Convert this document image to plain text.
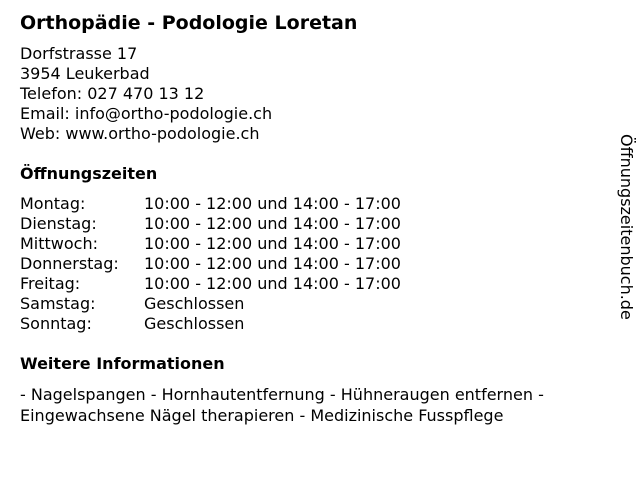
Orthopädie - Podologie Loretan
Dorfstrasse 17
3954 Leukerbad
Telefon: 027 470 13 12
Email: info@ortho-podologie.ch
Web: www.ortho-podologie.ch
Öffnungszeiten
Montag:	10:00 - 12:00 und 14:00 - 17:00
Dienstag:	10:00 - 12:00 und 14:00 - 17:00
Mittwoch:	10:00 - 12:00 und 14:00 - 17:00
Donnerstag:	10:00 - 12:00 und 14:00 - 17:00
Freitag:	10:00 - 12:00 und 14:00 - 17:00
Samstag:	Geschlossen
Sonntag:	Geschlossen
Weitere Informationen
- Nagelspangen - Hornhautentfernung - Hühneraugen entfernen - Eingewachsene Nägel therapieren - Medizinische Fusspflege
Öffnungszeitenbuch.de
